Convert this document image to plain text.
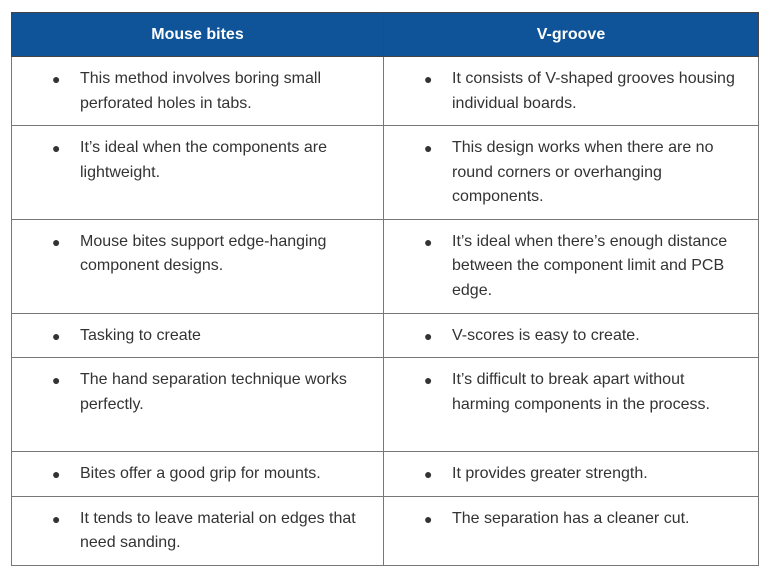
Mouse bites	V-groove

● This method involves boring small perforated holes in tabs.	● It consists of V-shaped grooves housing individual boards.

● It’s ideal when the components are lightweight.	● This design works when there are no round corners or overhanging components.

● Mouse bites support edge-hanging component designs.	● It’s ideal when there’s enough distance between the component limit and PCB edge.

● Tasking to create	● V-scores is easy to create.

● The hand separation technique works perfectly.	● It’s difficult to break apart without harming components in the process.

● Bites offer a good grip for mounts.	● It provides greater strength.

● It tends to leave material on edges that need sanding.	● The separation has a cleaner cut.
